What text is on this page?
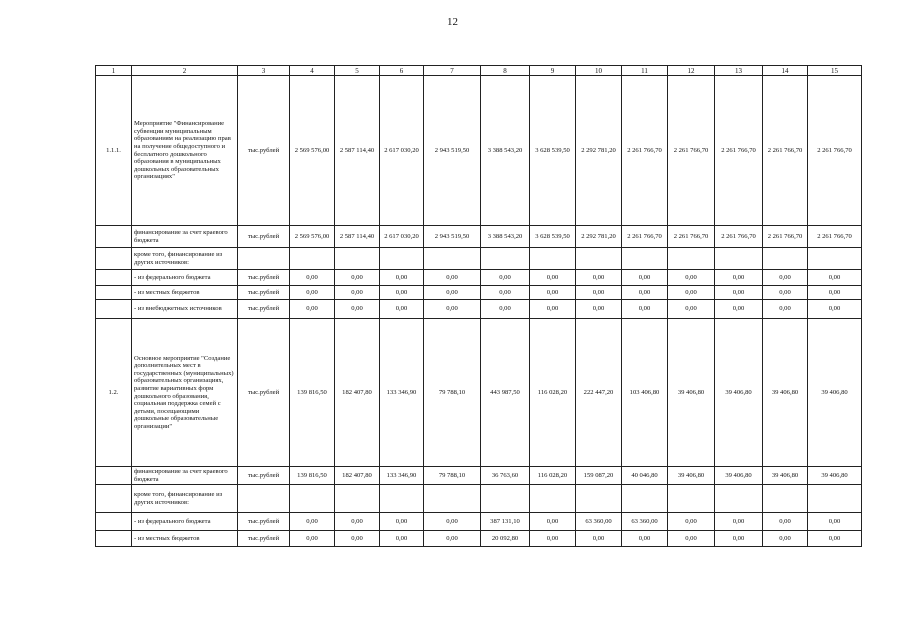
12
1	2	3	4	5	6	7	8	9	10	11	12	13	14	15
1.1.1.	Мероприятие "Финансирование субвенции муниципальным образованиям на реализацию прав на получение общедоступного и бесплатного дошкольного образования в муниципальных дошкольных образовательных организациях"	тыс.рублей	2 569 576,00	2 587 114,40	2 617 030,20	2 943 519,50	3 388 543,20	3 628 539,50	2 292 781,20	2 261 766,70	2 261 766,70	2 261 766,70	2 261 766,70	2 261 766,70
	финансирование за счет краевого бюджета	тыс.рублей	2 569 576,00	2 587 114,40	2 617 030,20	2 943 519,50	3 388 543,20	3 628 539,50	2 292 781,20	2 261 766,70	2 261 766,70	2 261 766,70	2 261 766,70	2 261 766,70
	кроме того, финансирование из других источников:													
	- из федерального бюджета	тыс.рублей	0,00	0,00	0,00	0,00	0,00	0,00	0,00	0,00	0,00	0,00	0,00	0,00
	- из местных бюджетов	тыс.рублей	0,00	0,00	0,00	0,00	0,00	0,00	0,00	0,00	0,00	0,00	0,00	0,00
	- из внебюджетных источников	тыс.рублей	0,00	0,00	0,00	0,00	0,00	0,00	0,00	0,00	0,00	0,00	0,00	0,00
1.2.	Основное мероприятие "Создание дополнительных мест в государственных (муниципальных) образовательных организациях, развитие вариативных форм дошкольного образования, социальная поддержка семей с детьми, посещающими дошкольные образовательные организации"	тыс.рублей	139 816,50	182 407,80	133 346,90	79 788,10	443 987,50	116 028,20	222 447,20	103 406,80	39 406,80	39 406,80	39 406,80	39 406,80
	финансирование за счет краевого бюджета	тыс.рублей	139 816,50	182 407,80	133 346,90	79 788,10	36 763,60	116 028,20	159 087,20	40 046,80	39 406,80	39 406,80	39 406,80	39 406,80
	кроме того, финансирование из других источников:													
	- из федерального бюджета	тыс.рублей	0,00	0,00	0,00	0,00	387 131,10	0,00	63 360,00	63 360,00	0,00	0,00	0,00	0,00
	- из местных бюджетов	тыс.рублей	0,00	0,00	0,00	0,00	20 092,80	0,00	0,00	0,00	0,00	0,00	0,00	0,00
